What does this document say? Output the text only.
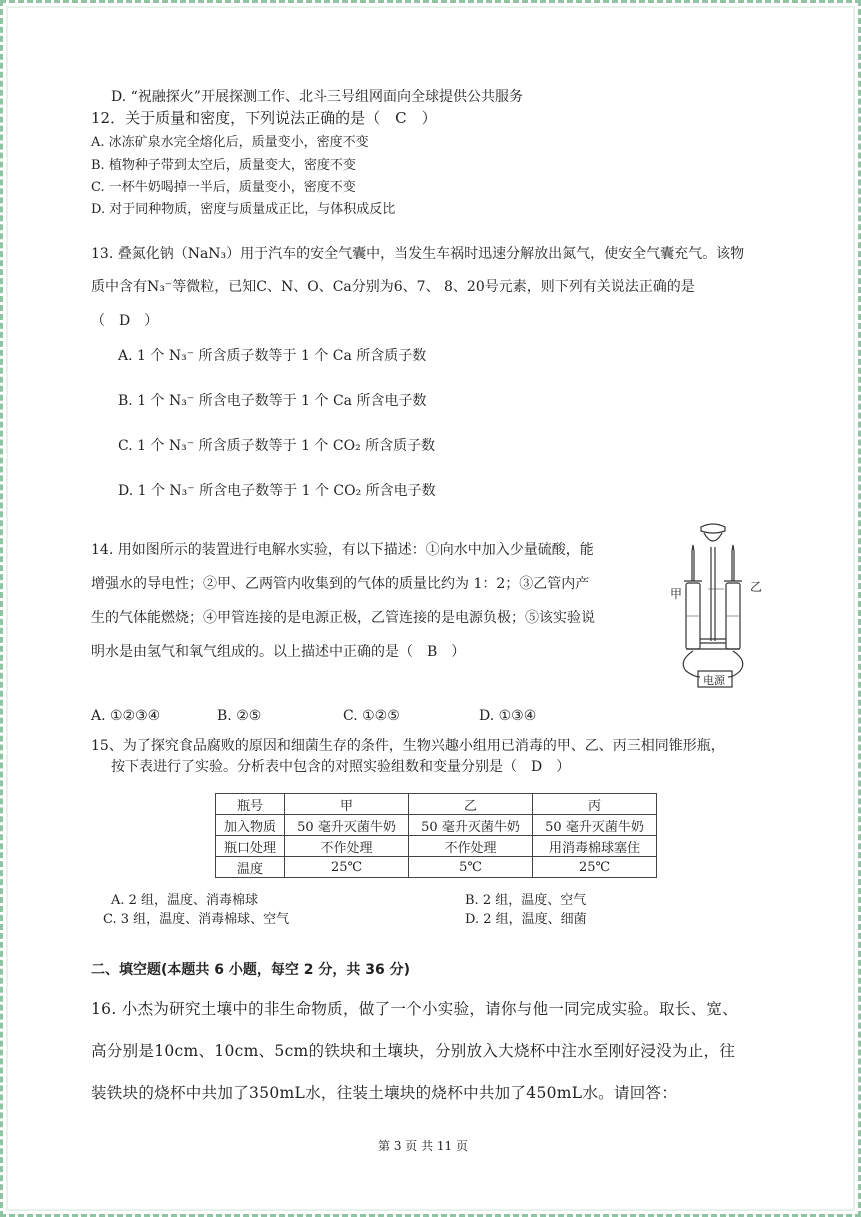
D. “祝融探火”开展探测工作、北斗三号组网面向全球提供公共服务
12．关于质量和密度，下列说法正确的是（　C　）
A. 冰冻矿泉水完全熔化后，质量变小，密度不变
B. 植物种子带到太空后，质量变大，密度不变
C. 一杯牛奶喝掉一半后，质量变小，密度不变
D. 对于同种物质，密度与质量成正比，与体积成反比
13. 叠氮化钠（NaN₃）用于汽车的安全气囊中，当发生车祸时迅速分解放出氮气，使安全气囊充气。该物
质中含有N₃⁻等微粒，已知C、N、O、Ca分别为6、7、 8、20号元素，则下列有关说法正确的是
（　D　）
A. 1 个 N₃⁻ 所含质子数等于 1 个 Ca 所含质子数
B. 1 个 N₃⁻ 所含电子数等于 1 个 Ca 所含电子数
C. 1 个 N₃⁻ 所含质子数等于 1 个 CO₂ 所含质子数
D. 1 个 N₃⁻ 所含电子数等于 1 个 CO₂ 所含电子数
14. 用如图所示的装置进行电解水实验，有以下描述：①向水中加入少量硫酸，能
增强水的导电性；②甲、乙两管内收集到的气体的质量比约为 1：2；③乙管内产
生的气体能燃烧；④甲管连接的是电源正极，乙管连接的是电源负极；⑤该实验说
明水是由氢气和氧气组成的。以上描述中正确的是（　B　）
甲	乙
电源
A. ①②③④	B. ②⑤	C. ①②⑤	D. ①③④
15、为了探究食品腐败的原因和细菌生存的条件，生物兴趣小组用已消毒的甲、乙、丙三相同锥形瓶，
按下表进行了实验。分析表中包含的对照实验组数和变量分别是（　D　）
瓶号	甲	乙	丙
加入物质	50 毫升灭菌牛奶	50 毫升灭菌牛奶	50 毫升灭菌牛奶
瓶口处理	不作处理	不作处理	用消毒棉球塞住
温度	25℃	5℃	25℃
A. 2 组，温度、消毒棉球	B. 2 组，温度、空气
C. 3 组，温度、消毒棉球、空气	D. 2 组，温度、细菌
二、填空题(本题共 6 小题，每空 2 分，共 36 分)
16. 小杰为研究土壤中的非生命物质，做了一个小实验，请你与他一同完成实验。取长、宽、
高分别是10cm、10cm、5cm的铁块和土壤块，分别放入大烧杯中注水至刚好浸没为止，往
装铁块的烧杯中共加了350mL水，往装土壤块的烧杯中共加了450mL水。请回答：
第 3 页 共 11 页
